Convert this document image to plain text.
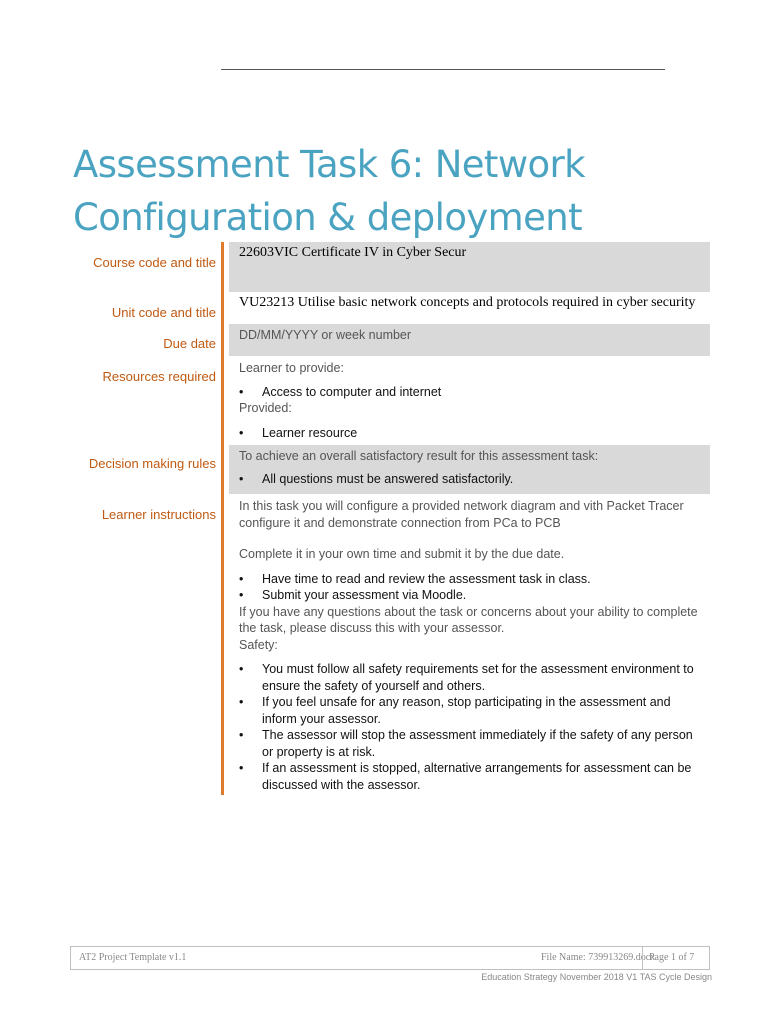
Assessment Task 6: Network
Configuration & deployment
Course code and title
22603VIC Certificate IV in Cyber Secur
Unit code and title
VU23213 Utilise basic network concepts and protocols required in cyber security
Due date
DD/MM/YYYY or week number
Resources required
Learner to provide:
• Access to computer and internet
Provided:
• Learner resource
Decision making rules To achieve an overall satisfactory result for this assessment task:
• All questions must be answered satisfactorily.
Learner instructions
In this task you will configure a provided network diagram and vith Packet Tracer configure it and demonstrate connection from PCa to PCB
Complete it in your own time and submit it by the due date.
• Have time to read and review the assessment task in class.
• Submit your assessment via Moodle.
If you have any questions about the task or concerns about your ability to complete the task, please discuss this with your assessor.
Safety:
• You must follow all safety requirements set for the assessment environment to ensure the safety of yourself and others.
• If you feel unsafe for any reason, stop participating in the assessment and inform your assessor.
• The assessor will stop the assessment immediately if the safety of any person or property is at risk.
• If an assessment is stopped, alternative arrangements for assessment can be discussed with the assessor.
AT2 Project Template v1.1	File Name: 739913269.docx
Page 1 of 7
Education Strategy November 2018 V1 TAS Cycle Design
